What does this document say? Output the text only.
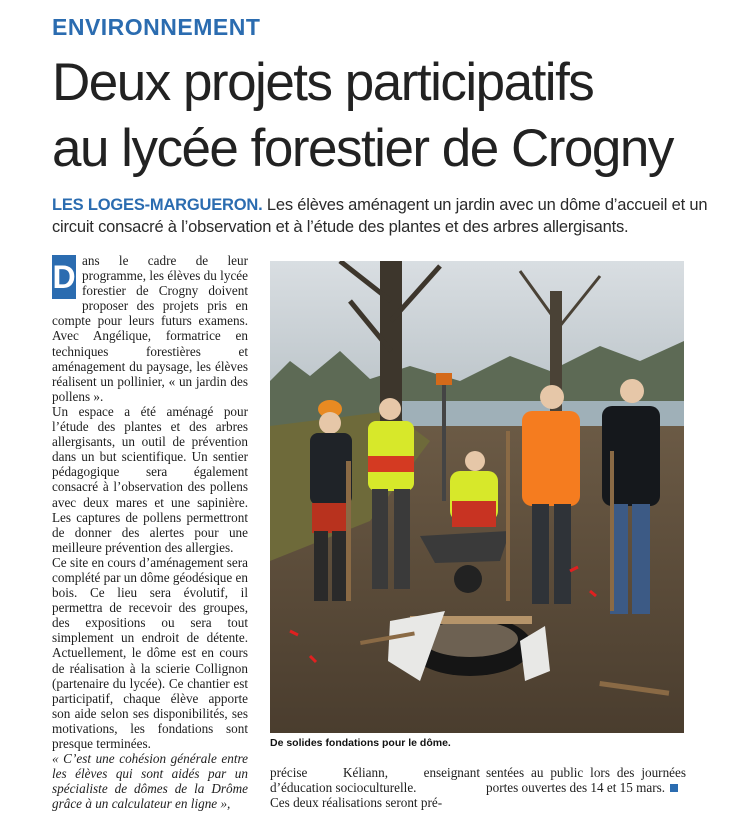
ENVIRONNEMENT
Deux projets participatifs
au lycée forestier de Crogny
LES LOGES-MARGUERON. Les élèves aménagent un jardin avec un dôme d’accueil et un circuit consacré à l’observation et à l’étude des plantes et des arbres allergisants.

D ans le cadre de leur programme, les élèves du lycée forestier de Crogny doivent proposer des projets pris en compte pour leurs futurs examens. Avec Angélique, formatrice en techniques forestières et aménagement du paysage, les élèves réalisent un pollinier, « un jardin des pollens ».

Un espace a été aménagé pour l’étude des plantes et des arbres allergisants, un outil de prévention dans un but scientifique. Un sentier pédagogique sera également consacré à l’observation des pollens avec deux mares et une sapinière. Les captures de pollens permettront de donner des alertes pour une meilleure prévention des allergies.

Ce site en cours d’aménagement sera complété par un dôme géodésique en bois. Ce lieu sera évolutif, il permettra de recevoir des groupes, des expositions ou sera tout simplement un endroit de détente. Actuellement, le dôme est en cours de réalisation à la scierie Collignon (partenaire du lycée). Ce chantier est participatif, chaque élève apporte son aide selon ses disponibilités, ses motivations, les fondations sont presque terminées.

« C’est une cohésion générale entre les élèves qui sont aidés par un spécialiste de dômes de la Drôme grâce à un calculateur en ligne »,

De solides fondations pour le dôme.

précise Kéliann, enseignant d’éducation socioculturelle.

Ces deux réalisations seront pré-

sentées au public lors des journées portes ouvertes des 14 et 15 mars.
